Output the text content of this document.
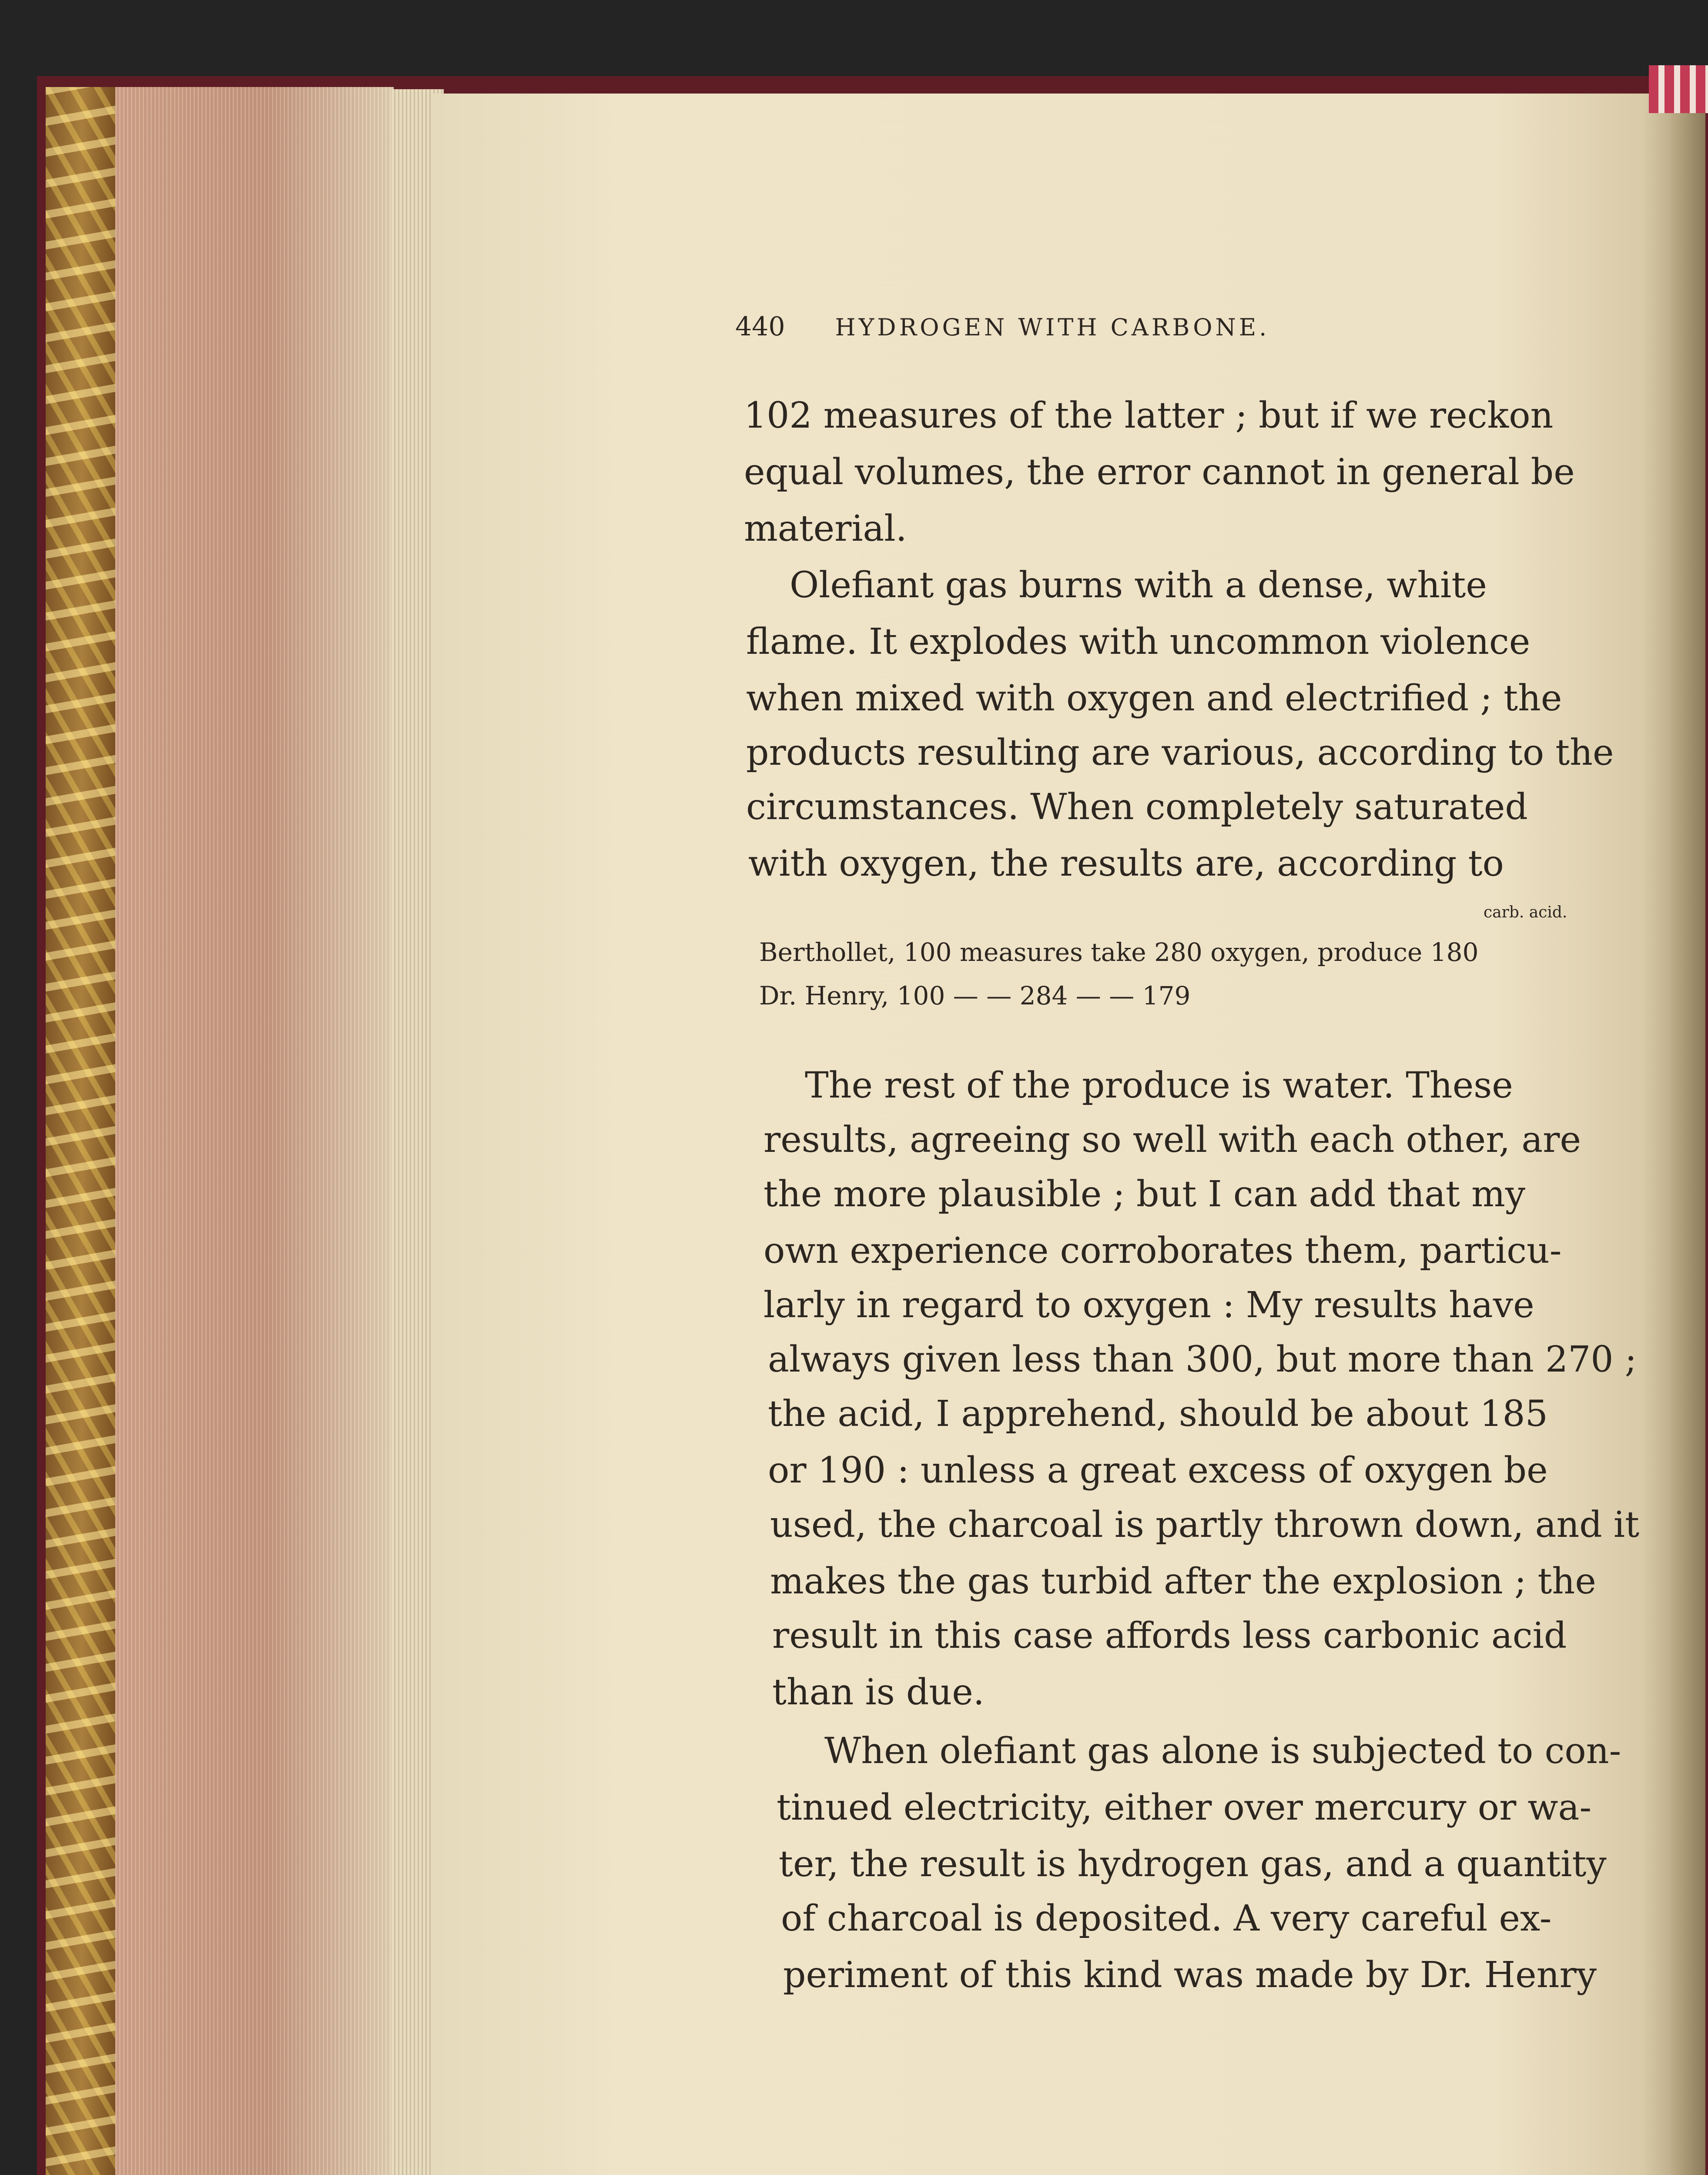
440 HYDROGEN WITH CARBONE.
102 measures of the latter ; but if we reckon
equal volumes, the error cannot in general be
material.
Olefiant gas burns with a dense, white
flame. It explodes with uncommon violence
when mixed with oxygen and electrified ; the
products resulting are various, according to the
circumstances. When completely saturated
with oxygen, the results are, according to
carb. acid.
Berthollet, 100 measures take 280 oxygen, produce 180
Dr. Henry, 100 — — 284 — — 179
The rest of the produce is water. These
results, agreeing so well with each other, are
the more plausible ; but I can add that my
own experience corroborates them, particu-
larly in regard to oxygen : My results have
always given less than 300, but more than 270 ;
the acid, I apprehend, should be about 185
or 190 : unless a great excess of oxygen be
used, the charcoal is partly thrown down, and it
makes the gas turbid after the explosion ; the
result in this case affords less carbonic acid
than is due.
When olefiant gas alone is subjected to con-
tinued electricity, either over mercury or wa-
ter, the result is hydrogen gas, and a quantity
of charcoal is deposited. A very careful ex-
periment of this kind was made by Dr. Henry
